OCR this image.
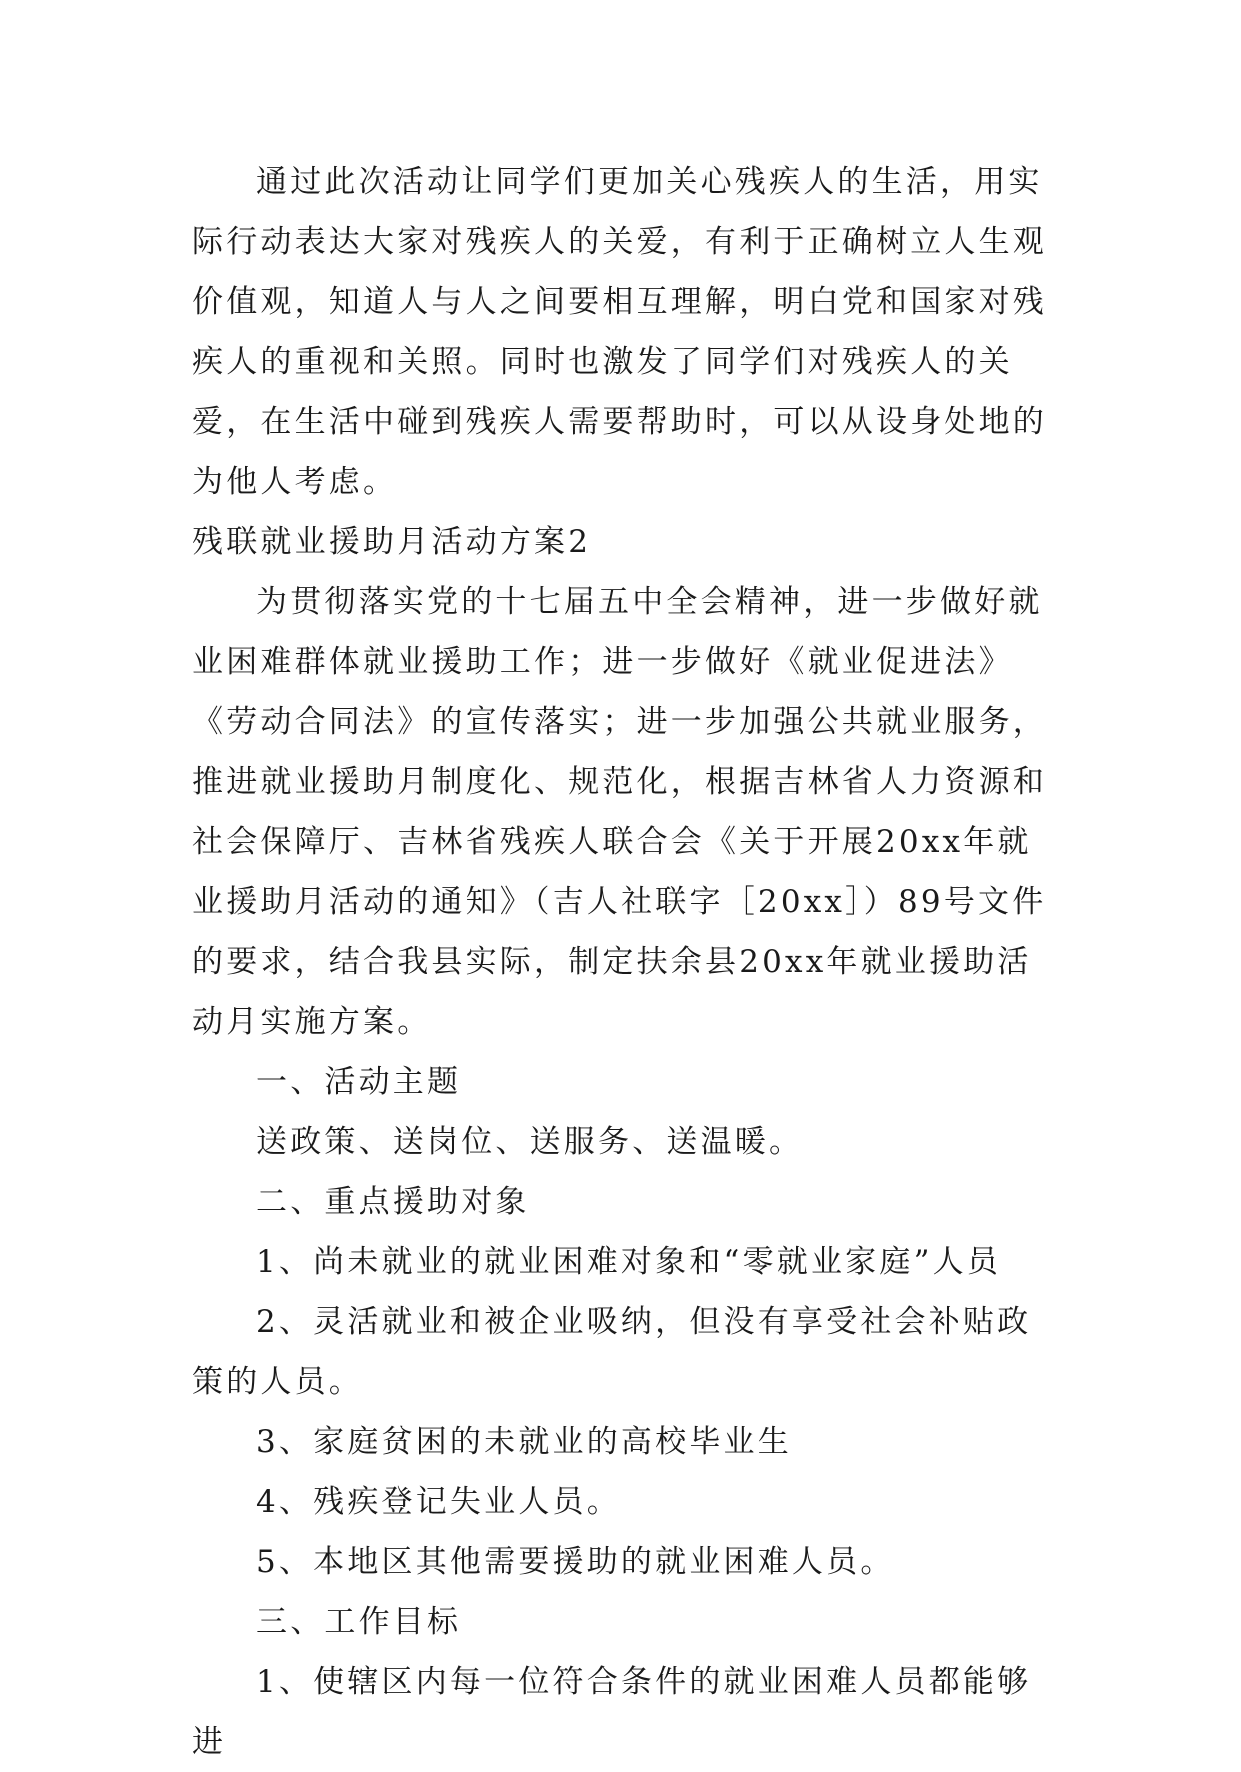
通过此次活动让同学们更加关心残疾人的生活，用实际行动表达大家对残疾人的关爱，有利于正确树立人生观价值观，知道人与人之间要相互理解，明白党和国家对残疾人的重视和关照。同时也激发了同学们对残疾人的关爱，在生活中碰到残疾人需要帮助时，可以从设身处地的为他人考虑。

残联就业援助月活动方案2

为贯彻落实党的十七届五中全会精神，进一步做好就业困难群体就业援助工作；进一步做好《就业促进法》《劳动合同法》的宣传落实；进一步加强公共就业服务，推进就业援助月制度化、规范化，根据吉林省人力资源和社会保障厅、吉林省残疾人联合会《关于开展20xx年就业援助月活动的通知》（吉人社联字［20xx］）89号文件的要求，结合我县实际，制定扶余县20xx年就业援助活动月实施方案。

一、活动主题

送政策、送岗位、送服务、送温暖。

二、重点援助对象

1、尚未就业的就业困难对象和“零就业家庭”人员

2、灵活就业和被企业吸纳，但没有享受社会补贴政策的人员。

3、家庭贫困的未就业的高校毕业生

4、残疾登记失业人员。

5、本地区其他需要援助的就业困难人员。

三、工作目标

1、使辖区内每一位符合条件的就业困难人员都能够进
